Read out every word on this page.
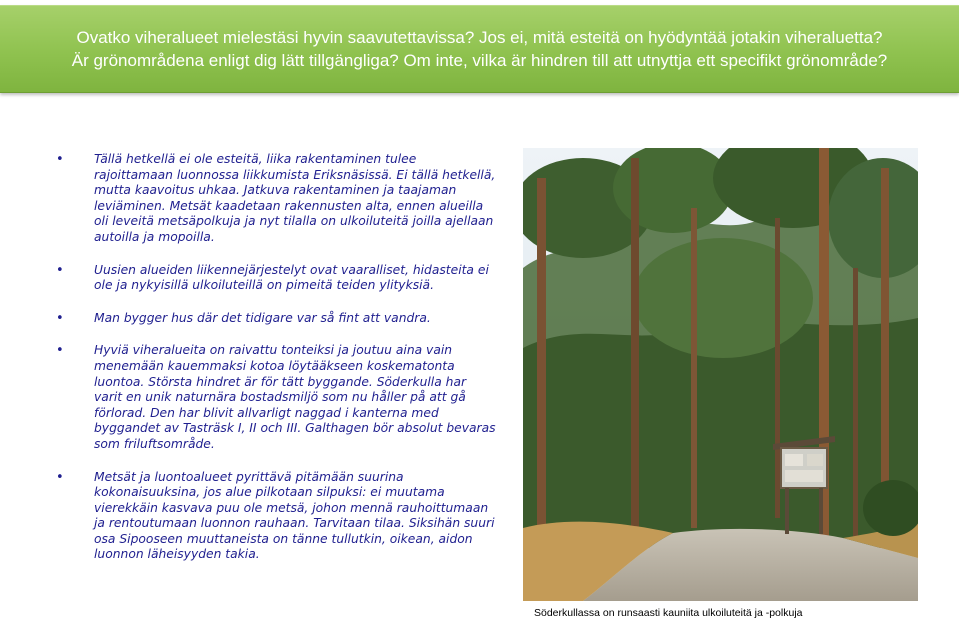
Ovatko viheralueet mielestäsi hyvin saavutettavissa? Jos ei, mitä esteitä on hyödyntää jotakin viheraluetta?
Är grönområdena enligt dig lätt tillgängliga? Om inte, vilka är hindren till att utnyttja ett specifikt grönområde?
• Tällä hetkellä ei ole esteitä, liika rakentaminen tulee rajoittamaan luonnossa liikkumista Eriksnäsissä. Ei tällä hetkellä, mutta kaavoitus uhkaa. Jatkuva rakentaminen ja taajaman leviäminen. Metsät kaadetaan rakennusten alta, ennen alueilla oli leveitä metsäpolkuja ja nyt tilalla on ulkoiluteitä joilla ajellaan autoilla ja mopoilla.
• Uusien alueiden liikennejärjestelyt ovat vaaralliset, hidasteita ei ole ja nykyisillä ulkoiluteillä on pimeitä teiden ylityksiä.
• Man bygger hus där det tidigare var så fint att vandra.
• Hyviä viheralueita on raivattu tonteiksi ja joutuu aina vain menemään kauemmaksi kotoa löytääkseen koskematonta luontoa. Största hindret är för tätt byggande. Söderkulla har varit en unik naturnära bostadsmiljö som nu håller på att gå förlorad. Den har blivit allvarligt naggad i kanterna med byggandet av Tasträsk I, II och III. Galthagen bör absolut bevaras som friluftsområde.
• Metsät ja luontoalueet pyrittävä pitämään suurina kokonaisuuksina, jos alue pilkotaan silpuksi: ei muutama vierekkäin kasvava puu ole metsä, johon mennä rauhoittumaan ja rentoutumaan luonnon rauhaan. Tarvitaan tilaa. Siksihän suuri osa Sipooseen muuttaneista on tänne tullutkin, oikean, aidon luonnon läheisyyden takia.
Söderkullassa on runsaasti kauniita ulkoiluteitä ja -polkuja
